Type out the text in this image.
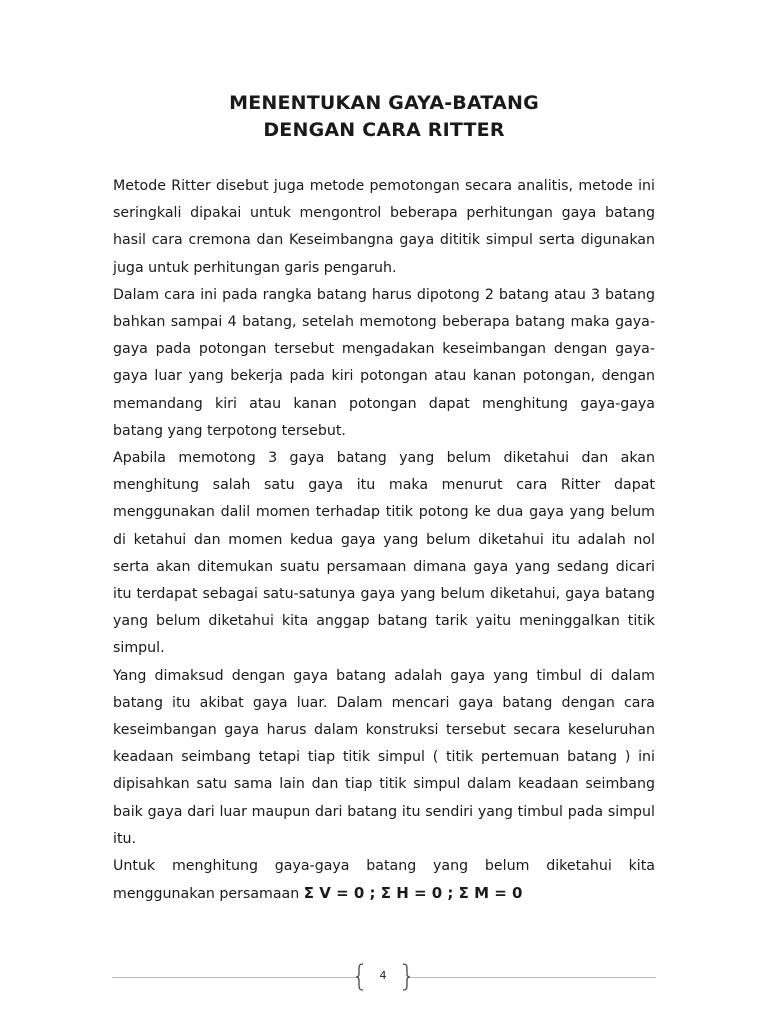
MENENTUKAN GAYA-BATANG
DENGAN CARA RITTER

Metode Ritter disebut juga metode pemotongan secara analitis, metode ini seringkali dipakai untuk mengontrol beberapa perhitungan gaya batang hasil cara cremona dan Keseimbangna gaya dititik simpul serta digunakan juga untuk perhitungan garis pengaruh.

Dalam cara ini pada rangka batang harus dipotong 2 batang atau 3 batang bahkan sampai 4 batang, setelah memotong beberapa batang maka gaya-gaya pada potongan tersebut mengadakan keseimbangan dengan gaya-gaya luar yang bekerja pada kiri potongan atau kanan potongan, dengan memandang kiri atau kanan potongan dapat menghitung gaya-gaya batang yang terpotong tersebut.

Apabila memotong 3 gaya batang yang belum diketahui dan akan menghitung salah satu gaya itu maka menurut cara Ritter dapat menggunakan dalil momen terhadap titik potong ke dua gaya yang belum di ketahui dan momen kedua gaya yang belum diketahui itu adalah nol serta akan ditemukan suatu persamaan dimana gaya yang sedang dicari itu terdapat sebagai satu-satunya gaya yang belum diketahui, gaya batang yang belum diketahui kita anggap batang tarik yaitu meninggalkan titik simpul.

Yang dimaksud dengan gaya batang adalah gaya yang timbul di dalam batang itu akibat gaya luar. Dalam mencari gaya batang dengan cara keseimbangan gaya harus dalam konstruksi tersebut secara keseluruhan keadaan seimbang tetapi tiap titik simpul ( titik pertemuan batang ) ini dipisahkan satu sama lain dan tiap titik simpul dalam keadaan seimbang baik gaya dari luar maupun dari batang itu sendiri yang timbul pada simpul itu.

Untuk menghitung gaya-gaya batang yang belum diketahui kita menggunakan persamaan Σ V = 0 ; Σ H = 0 ; Σ M = 0

4
